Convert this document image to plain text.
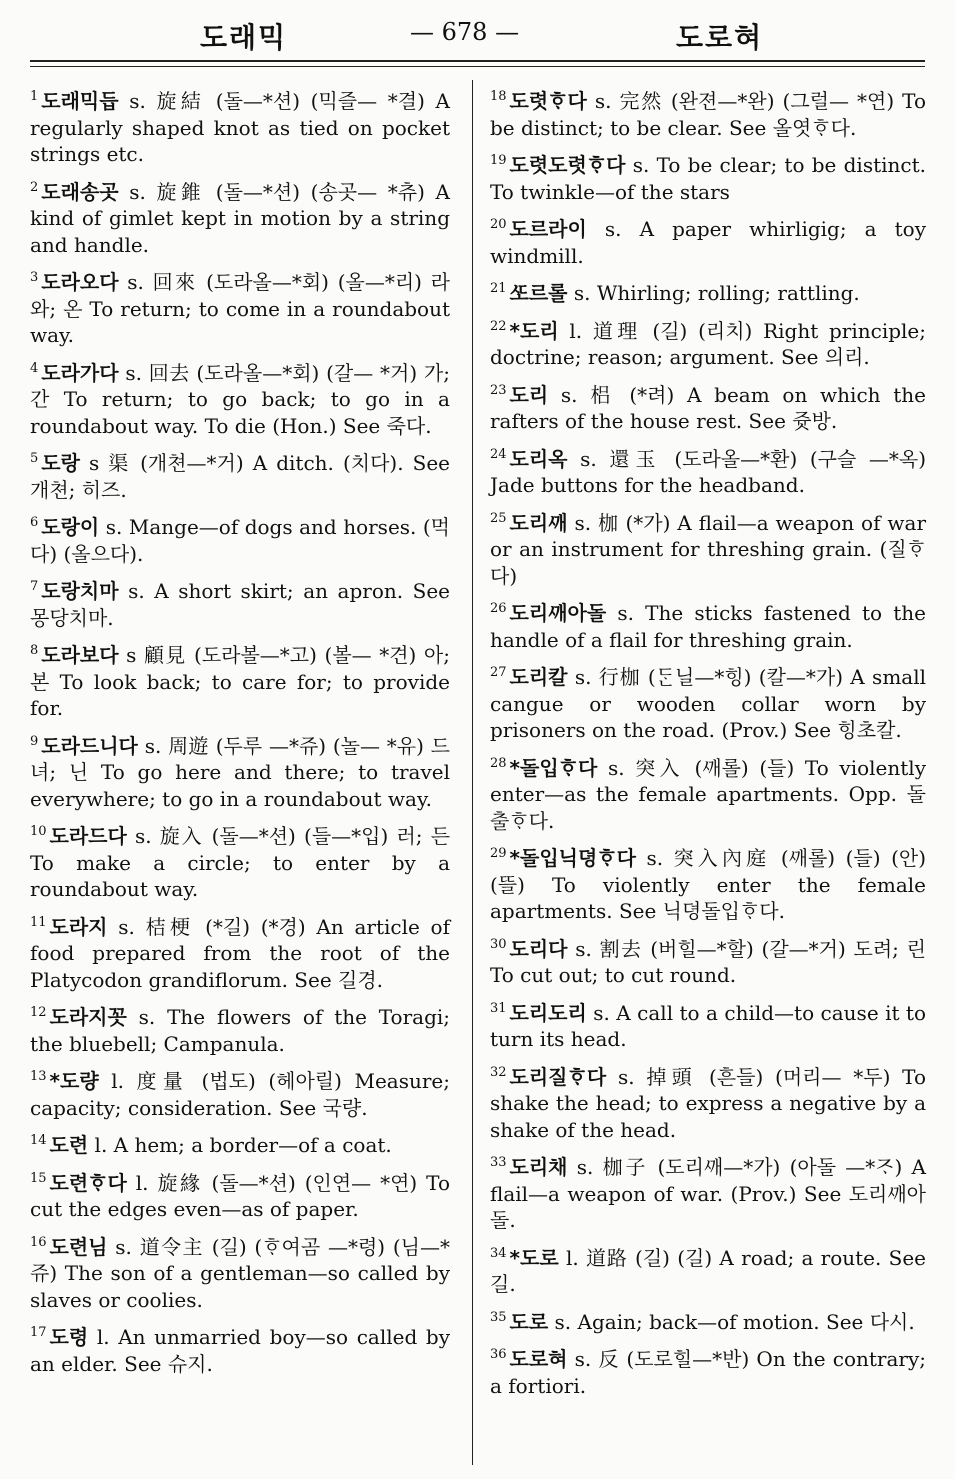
도래믹	— 678 —	도로혀
$^1$ 도래믹듭 s. 旋結 (돌—*션) (믹즐— *결) A regularly shaped knot as tied on pocket strings etc.
$^2$ 도래송곳 s. 旋錐 (돌—*션) (송곳— *츄) A kind of gimlet kept in motion by a string and handle.
$^3$ 도라오다 s. 回來 (도라올—*회) (올—*리) 라와; 온 To return; to come in a roundabout way.
$^4$ 도라가다 s. 回去 (도라올—*회) (갈— *거) 가; 간 To return; to go back; to go in a roundabout way. To die (Hon.) See 죽다.
$^5$ 도랑 s 渠 (개쳔—*거) A ditch. (치다). See 개쳔; 히즈.
$^6$ 도랑이 s. Mange—of dogs and horses. (먹다) (올으다).
$^7$ 도랑치마 s. A short skirt; an apron. See 몽당치마.
$^8$ 도라보다 s 顧見 (도라볼—*고) (볼— *견) 아; 본 To look back; to care for; to provide for.
$^9$ 도라드니다 s. 周遊 (두루 —*쥬) (놀— *유) 드녀; 닌 To go here and there; to travel everywhere; to go in a roundabout way.
$^{10}$ 도라드다 s. 旋入 (돌—*션) (들—*입) 러; 든 To make a circle; to enter by a roundabout way.
$^{11}$ 도라지 s. 桔梗 (*길) (*경) An article of food prepared from the root of the Platycodon grandiflorum. See 길경.
$^{12}$ 도라지꼿 s. The flowers of the Toragi; the bluebell; Campanula.
$^{13}$ *도량 l. 度量 (법도) (헤아릴) Measure; capacity; consideration. See 국량.
$^{14}$ 도련 l. A hem; a border—of a coat.
$^{15}$ 도련ᄒᆞ다 l. 旋緣 (돌—*션) (인연— *연) To cut the edges even—as of paper.
$^{16}$ 도련님 s. 道令主 (길) (ᄒᆞ여곰 —*령) (님—*쥬) The son of a gentleman—so called by slaves or coolies.
$^{17}$ 도령 l. An unmarried boy—so called by an elder. See 슈지.
$^{18}$ 도렷ᄒᆞ다 s. 完然 (완젼—*완) (그럴— *연) To be distinct; to be clear. See 올엿ᄒᆞ다.
$^{19}$ 도렷도렷ᄒᆞ다 s. To be clear; to be distinct. To twinkle—of the stars
$^{20}$ 도르라이 s. A paper whirligig; a toy windmill.
$^{21}$ ᄯᅩ르롤 s. Whirling; rolling; rattling.
$^{22}$ *도리 l. 道理 (길) (리치) Right principle; doctrine; reason; argument. See 의리.
$^{23}$ 도리 s. 梠 (*려) A beam on which the rafters of the house rest. See 쥿방.
$^{24}$ 도리옥 s. 還玉 (도라올—*환) (구슬 —*옥) Jade buttons for the headband.
$^{25}$ 도리ᄭᅢ s. 枷 (*가) A flail—a weapon of war or an instrument for threshing grain. (질ᄒᆞ다)
$^{26}$ 도리ᄭᅢ아돌 s. The sticks fastened to the handle of a flail for threshing grain.
$^{27}$ 도리칼 s. 行枷 (ᄃᆞᆫ닐—*힝) (칼—*가) A small cangue or wooden collar worn by prisoners on the road. (Prov.) See 힝초칼.
$^{28}$ *돌입ᄒᆞ다 s. 突入 (ᄭᅢ롤) (들) To violently enter—as the female apartments. Opp. 돌출ᄒᆞ다.
$^{29}$ *돌입닉뎡ᄒᆞ다 s. 突入內庭 (ᄭᅢ롤) (들) (안) (뜰) To violently enter the female apartments. See 닉뎡돌입ᄒᆞ다.
$^{30}$ 도리다 s. 割去 (버힐—*할) (갈—*거) 도려; 린 To cut out; to cut round.
$^{31}$ 도리도리 s. A call to a child—to cause it to turn its head.
$^{32}$ 도리질ᄒᆞ다 s. 掉頭 (흔들) (머리— *두) To shake the head; to express a negative by a shake of the head.
$^{33}$ 도리채 s. 枷子 (도리ᄭᅢ—*가) (아돌 —*ᄌᆞ) A flail—a weapon of war. (Prov.) See 도리ᄭᅢ아돌.
$^{34}$ *도로 l. 道路 (길) (길) A road; a route. See 길.
$^{35}$ 도로 s. Again; back—of motion. See 다시.
$^{36}$ 도로혀 s. 反 (도로힐—*반) On the contrary; a fortiori.
